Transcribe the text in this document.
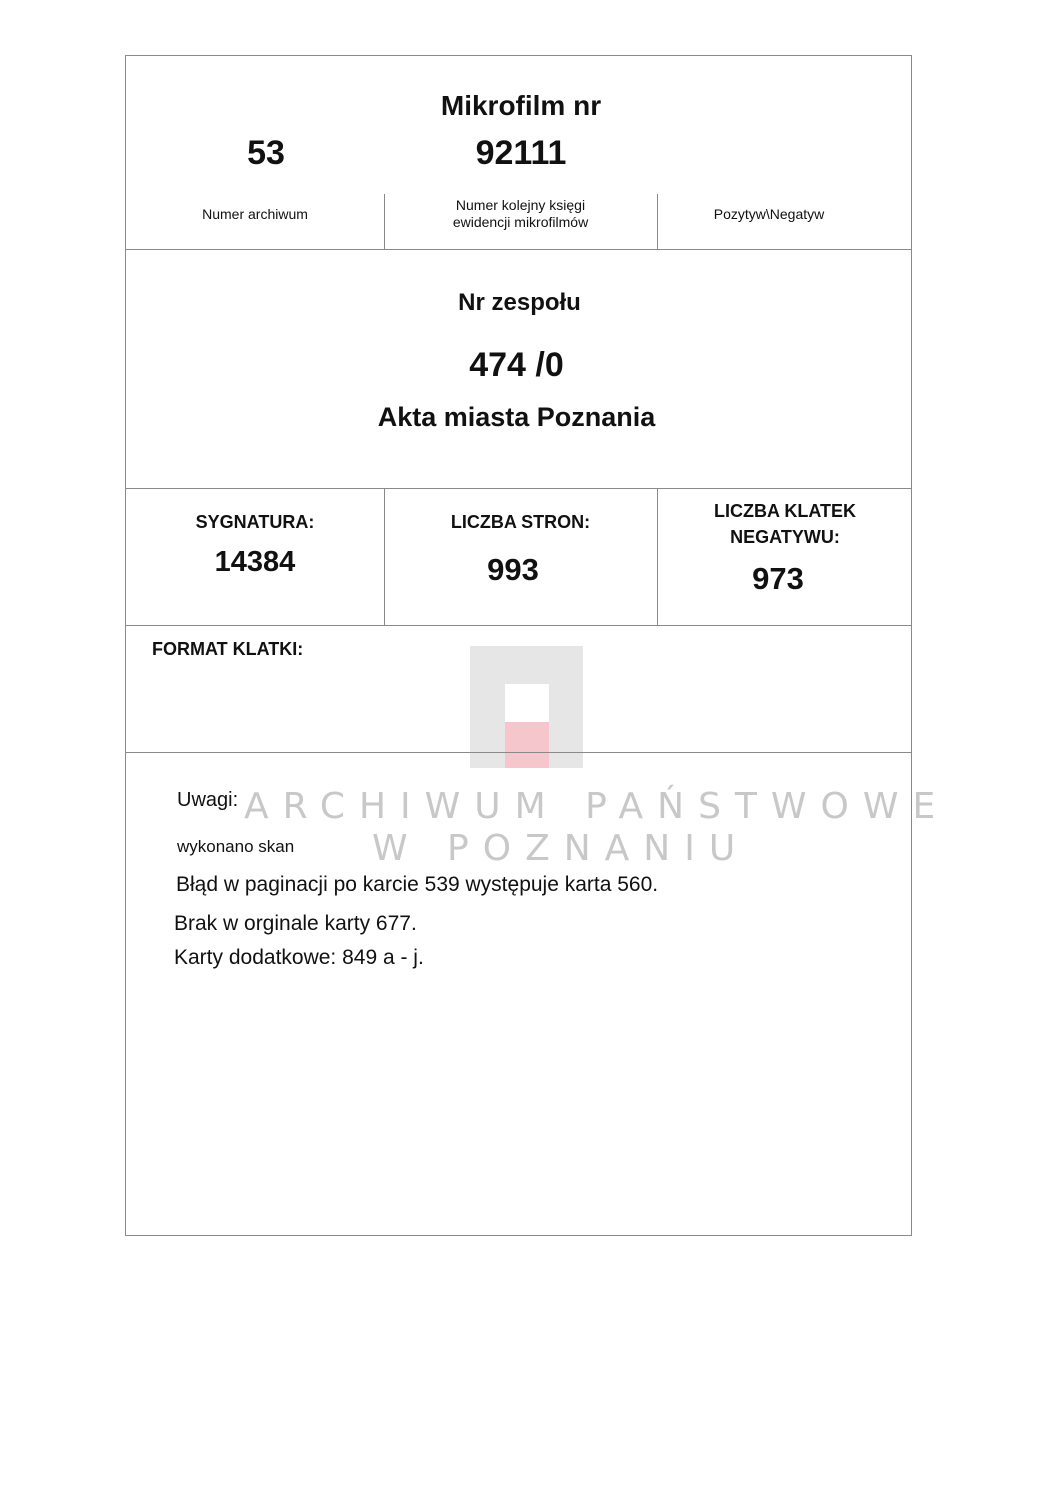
ARCHIWUM PAŃSTWOWE
W POZNANIU
Mikrofilm nr
53	92111
Numer archiwum
Numer kolejny księgi
ewidencji mikrofilmów	Pozytyw\Negatyw
Nr zespołu
474 /0
Akta miasta Poznania
SYGNATURA:
14384
LICZBA STRON:
993
LICZBA KLATEK
NEGATYWU:
973
FORMAT KLATKI:
Uwagi:
wykonano skan
Błąd w paginacji po karcie 539 występuje karta 560.
Brak w orginale karty 677.
Karty dodatkowe: 849 a - j.
